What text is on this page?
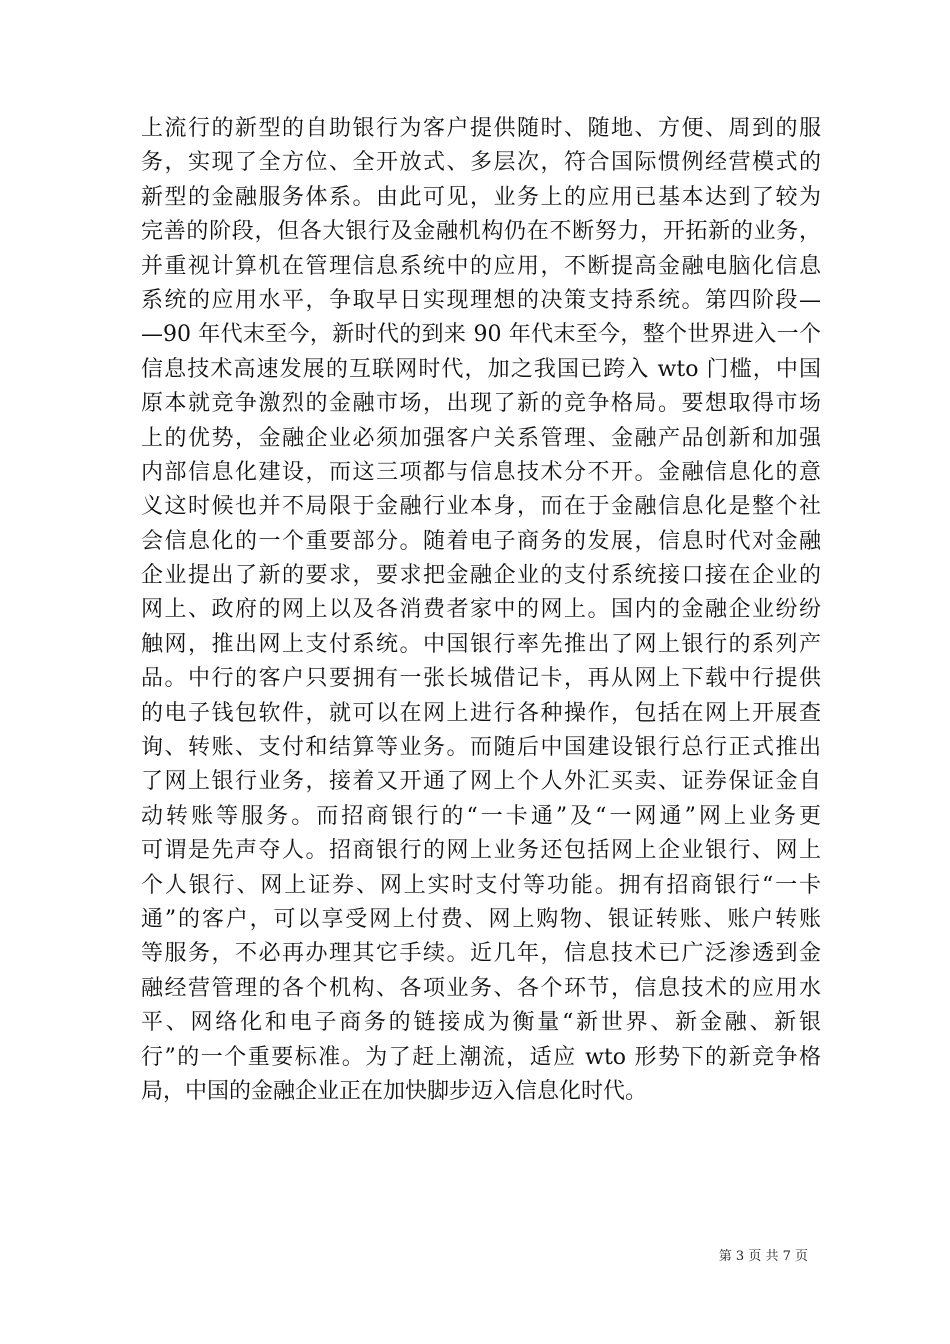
上流行的新型的自助银行为客户提供随时、随地、方便、周到的服
务，实现了全方位、全开放式、多层次，符合国际惯例经营模式的
新型的金融服务体系。由此可见，业务上的应用已基本达到了较为
完善的阶段，但各大银行及金融机构仍在不断努力，开拓新的业务，
并重视计算机在管理信息系统中的应用，不断提高金融电脑化信息
系统的应用水平，争取早日实现理想的决策支持系统。第四阶段—
—90 年代末至今，新时代的到来 90 年代末至今，整个世界进入一个
信息技术高速发展的互联网时代，加之我国已跨入 wto 门槛，中国
原本就竞争激烈的金融市场，出现了新的竞争格局。要想取得市场
上的优势，金融企业必须加强客户关系管理、金融产品创新和加强
内部信息化建设，而这三项都与信息技术分不开。金融信息化的意
义这时候也并不局限于金融行业本身，而在于金融信息化是整个社
会信息化的一个重要部分。随着电子商务的发展，信息时代对金融
企业提出了新的要求，要求把金融企业的支付系统接口接在企业的
网上、政府的网上以及各消费者家中的网上。国内的金融企业纷纷
触网，推出网上支付系统。中国银行率先推出了网上银行的系列产
品。中行的客户只要拥有一张长城借记卡，再从网上下载中行提供
的电子钱包软件，就可以在网上进行各种操作，包括在网上开展查
询、转账、支付和结算等业务。而随后中国建设银行总行正式推出
了网上银行业务，接着又开通了网上个人外汇买卖、证券保证金自
动转账等服务。而招商银行的“一卡通”及“一网通”网上业务更
可谓是先声夺人。招商银行的网上业务还包括网上企业银行、网上
个人银行、网上证券、网上实时支付等功能。拥有招商银行“一卡
通”的客户，可以享受网上付费、网上购物、银证转账、账户转账
等服务，不必再办理其它手续。近几年，信息技术已广泛渗透到金
融经营管理的各个机构、各项业务、各个环节，信息技术的应用水
平、网络化和电子商务的链接成为衡量“新世界、新金融、新银
行”的一个重要标准。为了赶上潮流，适应 wto 形势下的新竞争格
局，中国的金融企业正在加快脚步迈入信息化时代。
第 3 页 共 7 页
